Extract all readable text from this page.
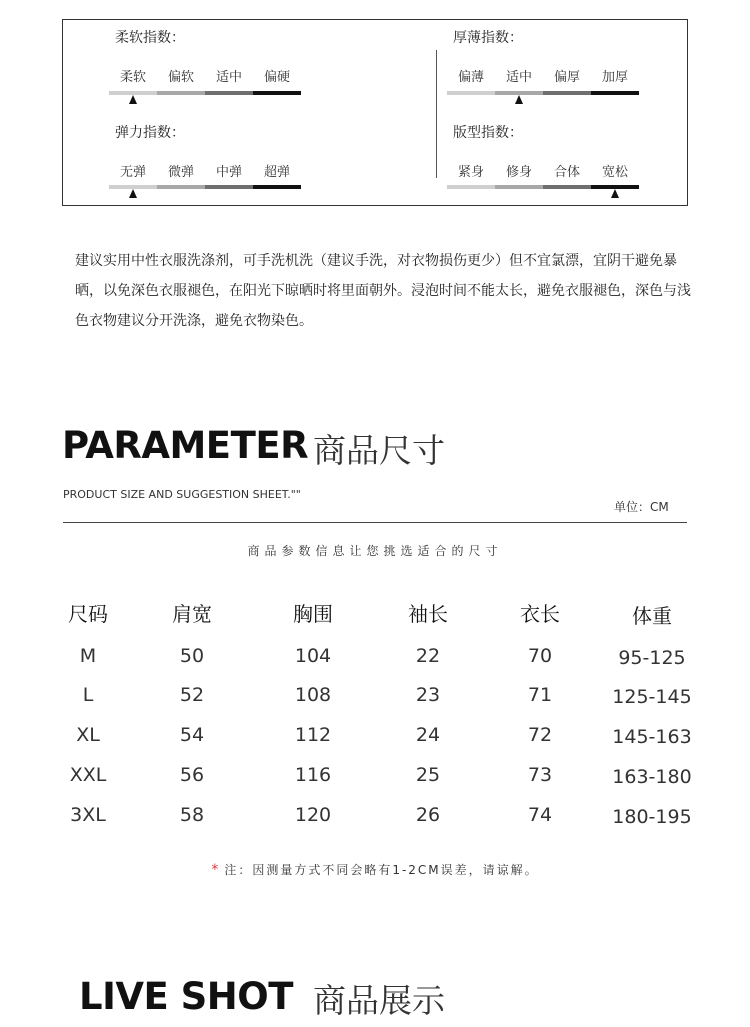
柔软指数：
柔软	偏软	适中	偏硬
厚薄指数：
偏薄	适中	偏厚	加厚
弹力指数：
无弹	微弹	中弹	超弹
版型指数：
紧身	修身	合体	宽松

建议实用中性衣服洗涤剂，可手洗机洗（建议手洗，对衣物损伤更少）但不宜氯漂，宜阴干避免暴晒，以免深色衣服褪色，在阳光下晾晒时将里面朝外。浸泡时间不能太长，避免衣服褪色，深色与浅色衣物建议分开洗涤，避免衣物染色。

PARAMETER 商品尺寸
PRODUCT SIZE AND SUGGESTION SHEET.""
单位：CM
商品参数信息让您挑选适合的尺寸
尺码	肩宽	胸围	袖长	衣长	体重
M	50	104	22	70	95-125
L	52	108	23	71	125-145
XL	54	112	24	72	145-163
XXL	56	116	25	73	163-180
3XL	58	120	26	74	180-195
* 注：因测量方式不同会略有1-2CM误差，请谅解。
LIVE SHOT 商品展示
